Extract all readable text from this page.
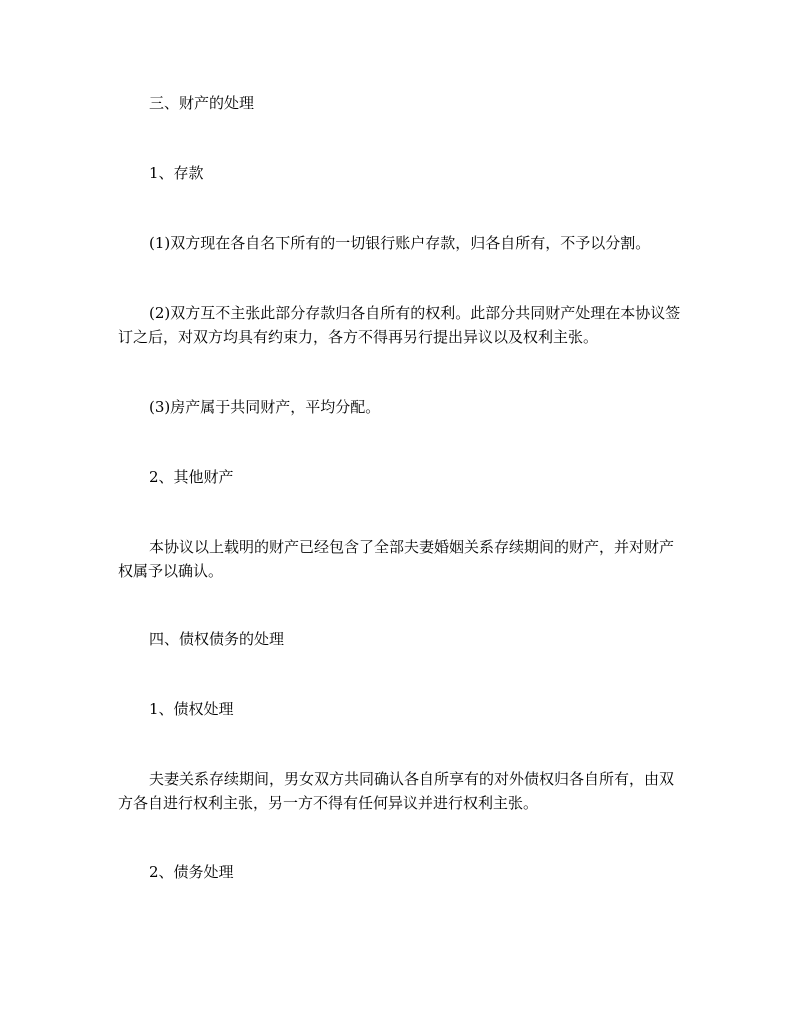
三、财产的处理

1、存款

(1)双方现在各自名下所有的一切银行账户存款，归各自所有，不予以分割。

(2)双方互不主张此部分存款归各自所有的权利。此部分共同财产处理在本协议签订之后，对双方均具有约束力，各方不得再另行提出异议以及权利主张。

(3)房产属于共同财产，平均分配。

2、其他财产

本协议以上载明的财产已经包含了全部夫妻婚姻关系存续期间的财产，并对财产权属予以确认。

四、债权债务的处理

1、债权处理

夫妻关系存续期间，男女双方共同确认各自所享有的对外债权归各自所有，由双方各自进行权利主张，另一方不得有任何异议并进行权利主张。

2、债务处理
